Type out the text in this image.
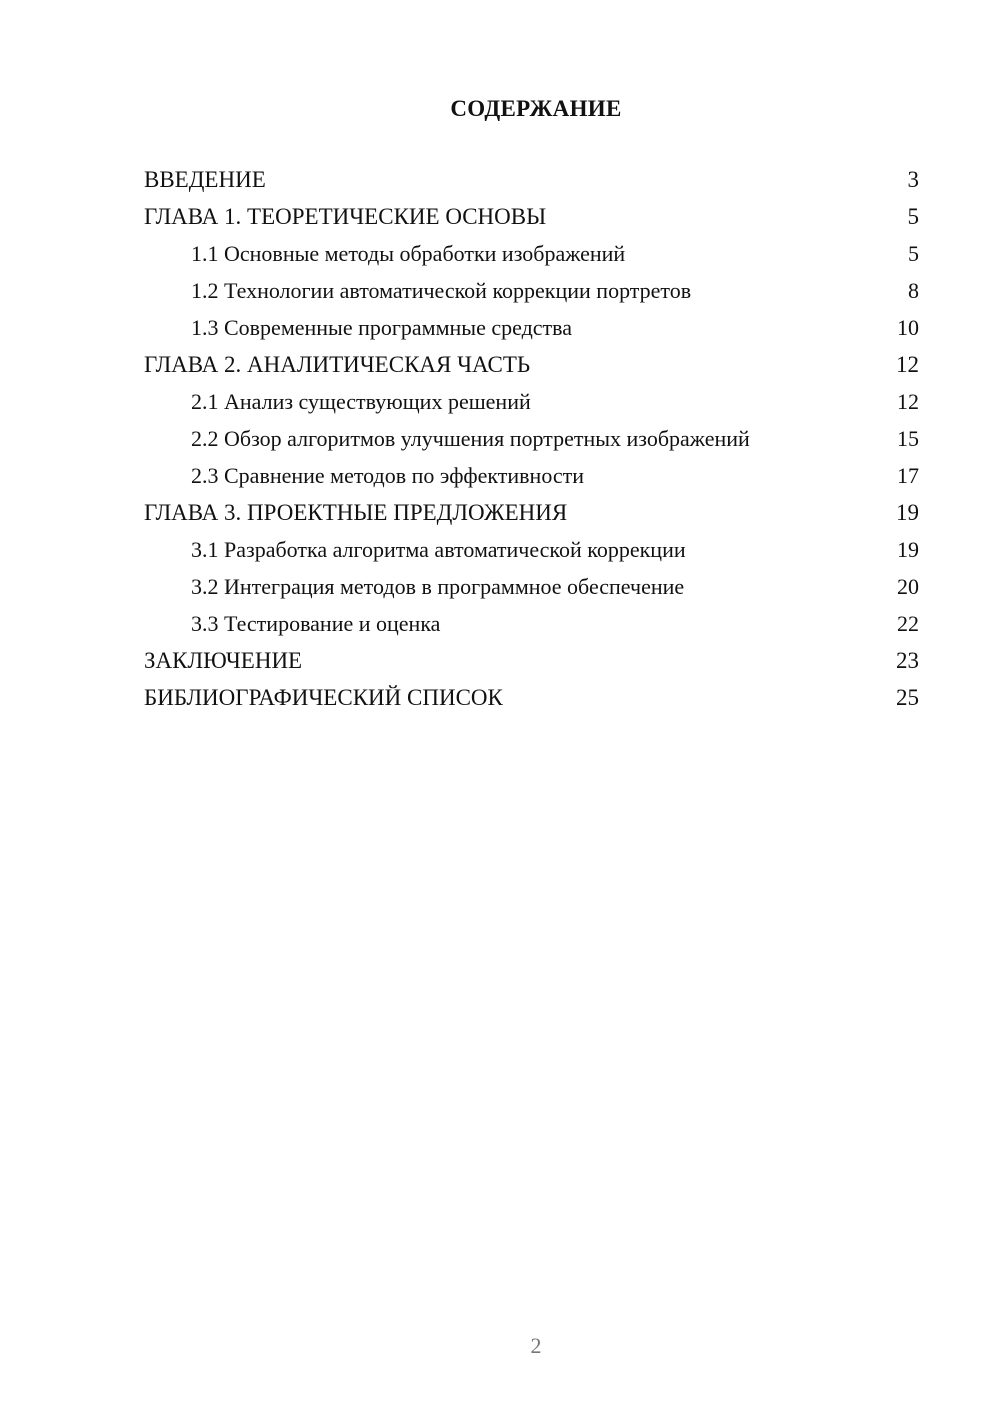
СОДЕРЖАНИЕ
ВВЕДЕНИЕ	3
ГЛАВА 1. ТЕОРЕТИЧЕСКИЕ ОСНОВЫ	5
1.1 Основные методы обработки изображений	5
1.2 Технологии автоматической коррекции портретов	8
1.3 Современные программные средства	10
ГЛАВА 2. АНАЛИТИЧЕСКАЯ ЧАСТЬ	12
2.1 Анализ существующих решений	12
2.2 Обзор алгоритмов улучшения портретных изображений	15
2.3 Сравнение методов по эффективности	17
ГЛАВА 3. ПРОЕКТНЫЕ ПРЕДЛОЖЕНИЯ	19
3.1 Разработка алгоритма автоматической коррекции	19
3.2 Интеграция методов в программное обеспечение	20
3.3 Тестирование и оценка	22
ЗАКЛЮЧЕНИЕ	23
БИБЛИОГРАФИЧЕСКИЙ СПИСОК	25
2
